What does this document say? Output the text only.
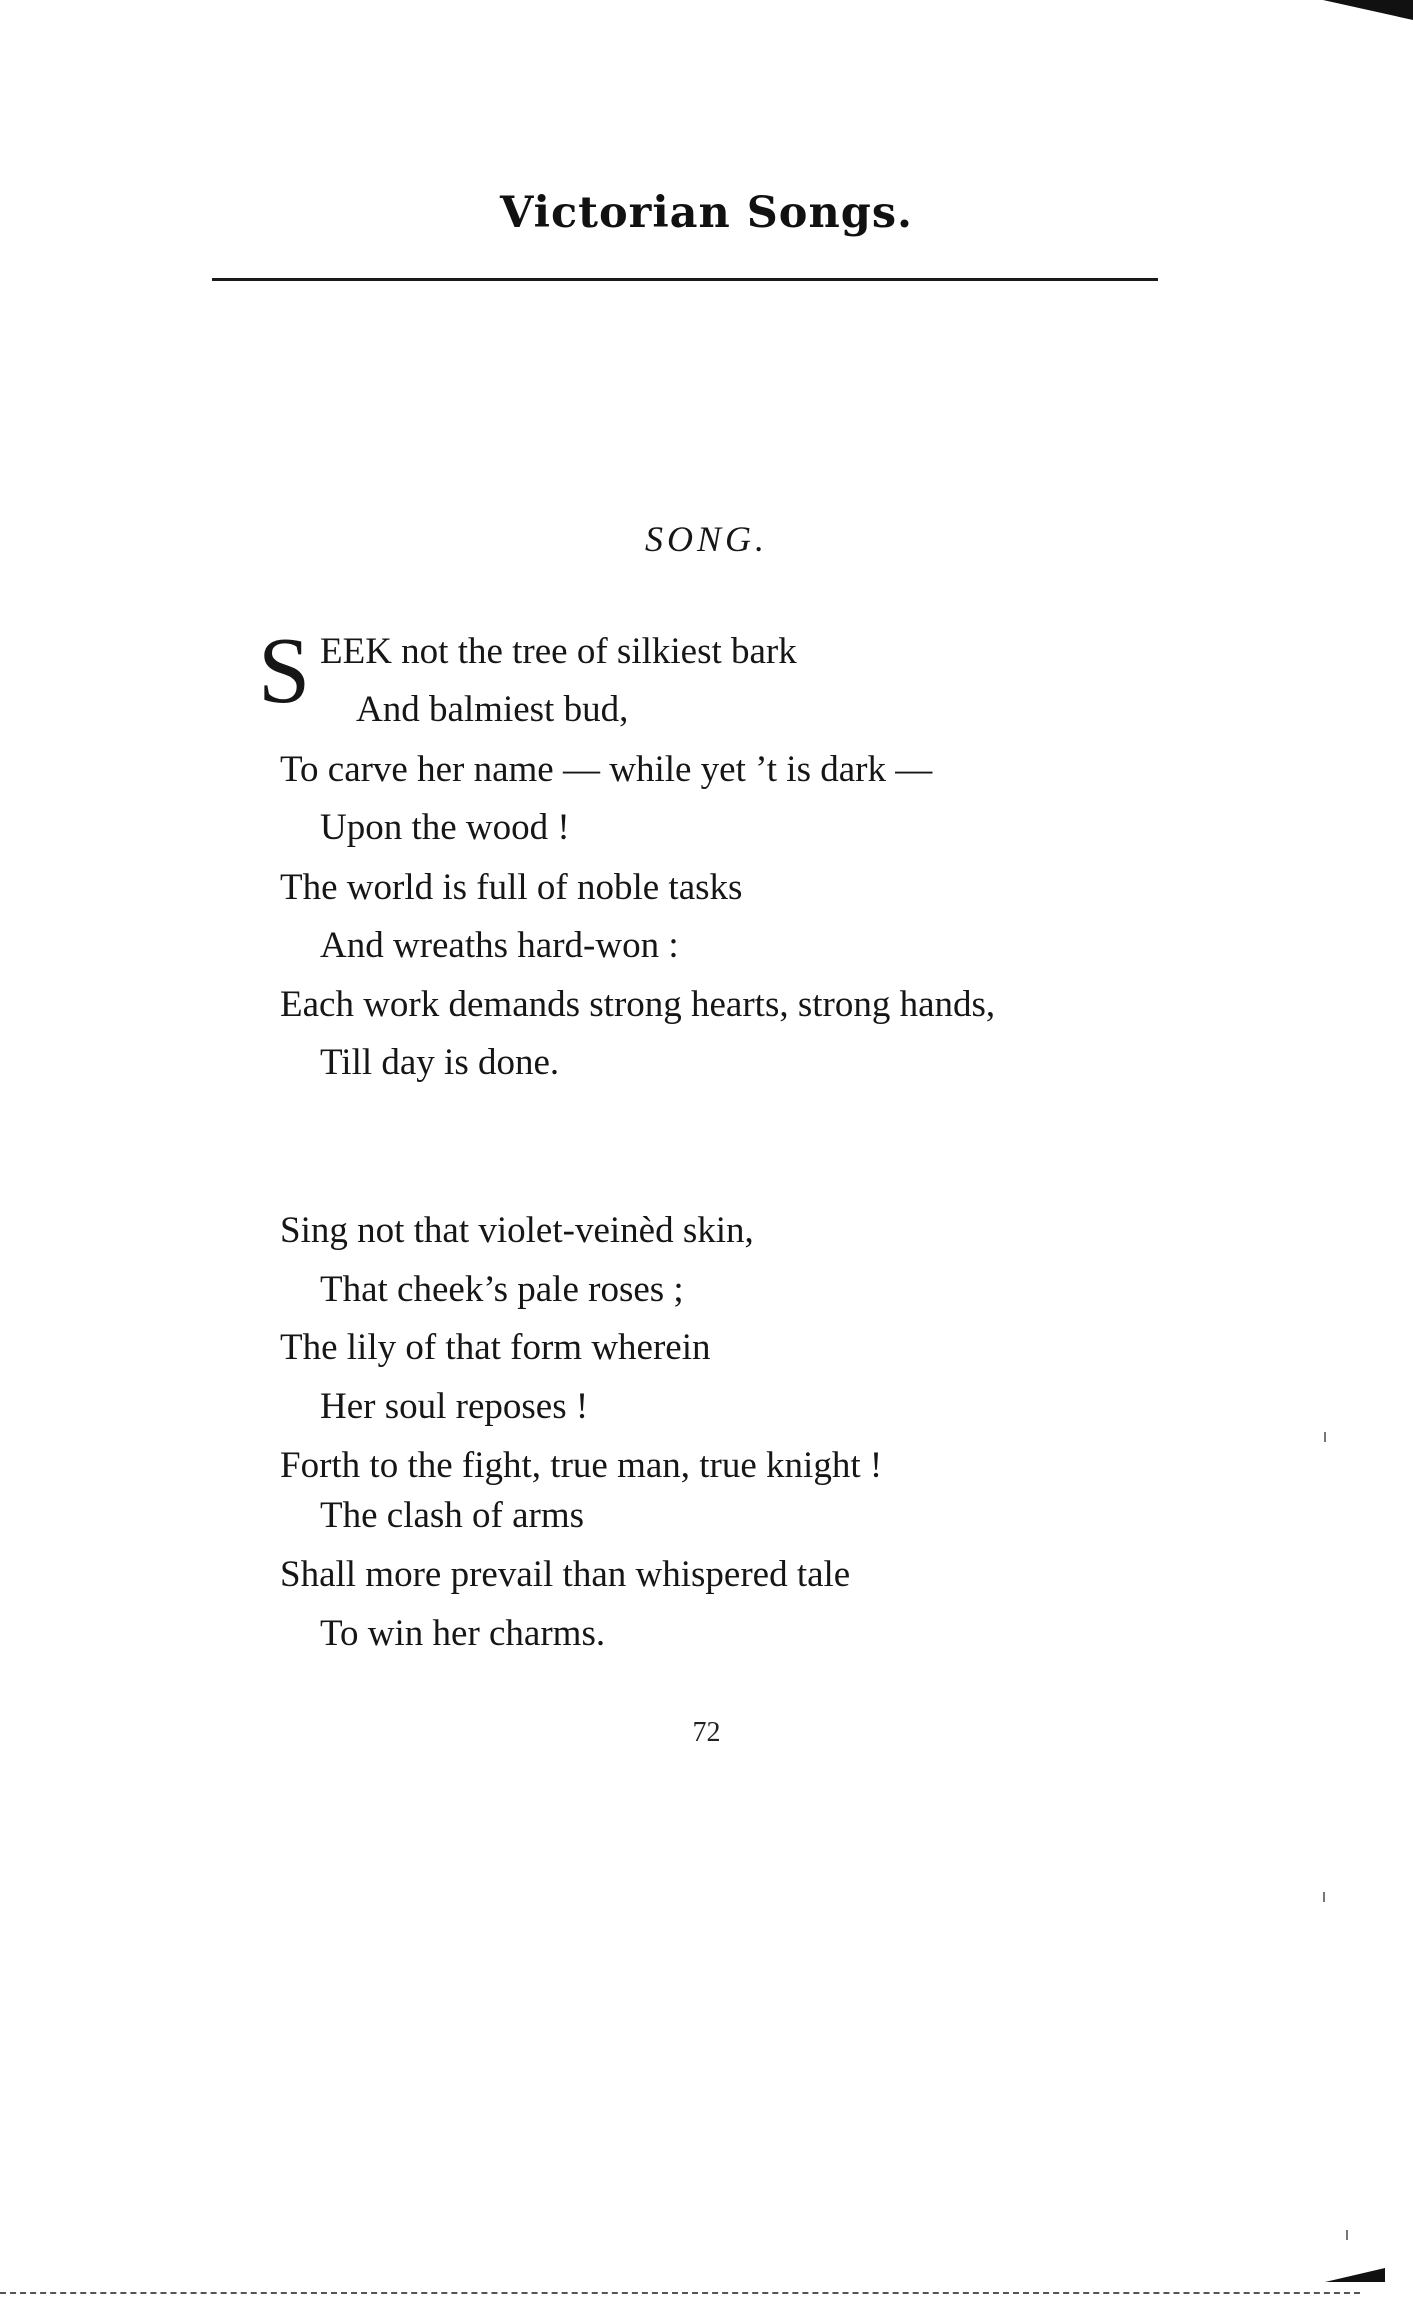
Victorian Songs.
SONG.
S EEK not the tree of silkiest bark
And balmiest bud,
To carve her name — while yet ’t is dark —
Upon the wood !
The world is full of noble tasks
And wreaths hard-won :
Each work demands strong hearts, strong hands,
Till day is done.
Sing not that violet-veinèd skin,
That cheek’s pale roses ;
The lily of that form wherein
Her soul reposes !
Forth to the fight, true man, true knight !
The clash of arms
Shall more prevail than whispered tale
To win her charms.
72
